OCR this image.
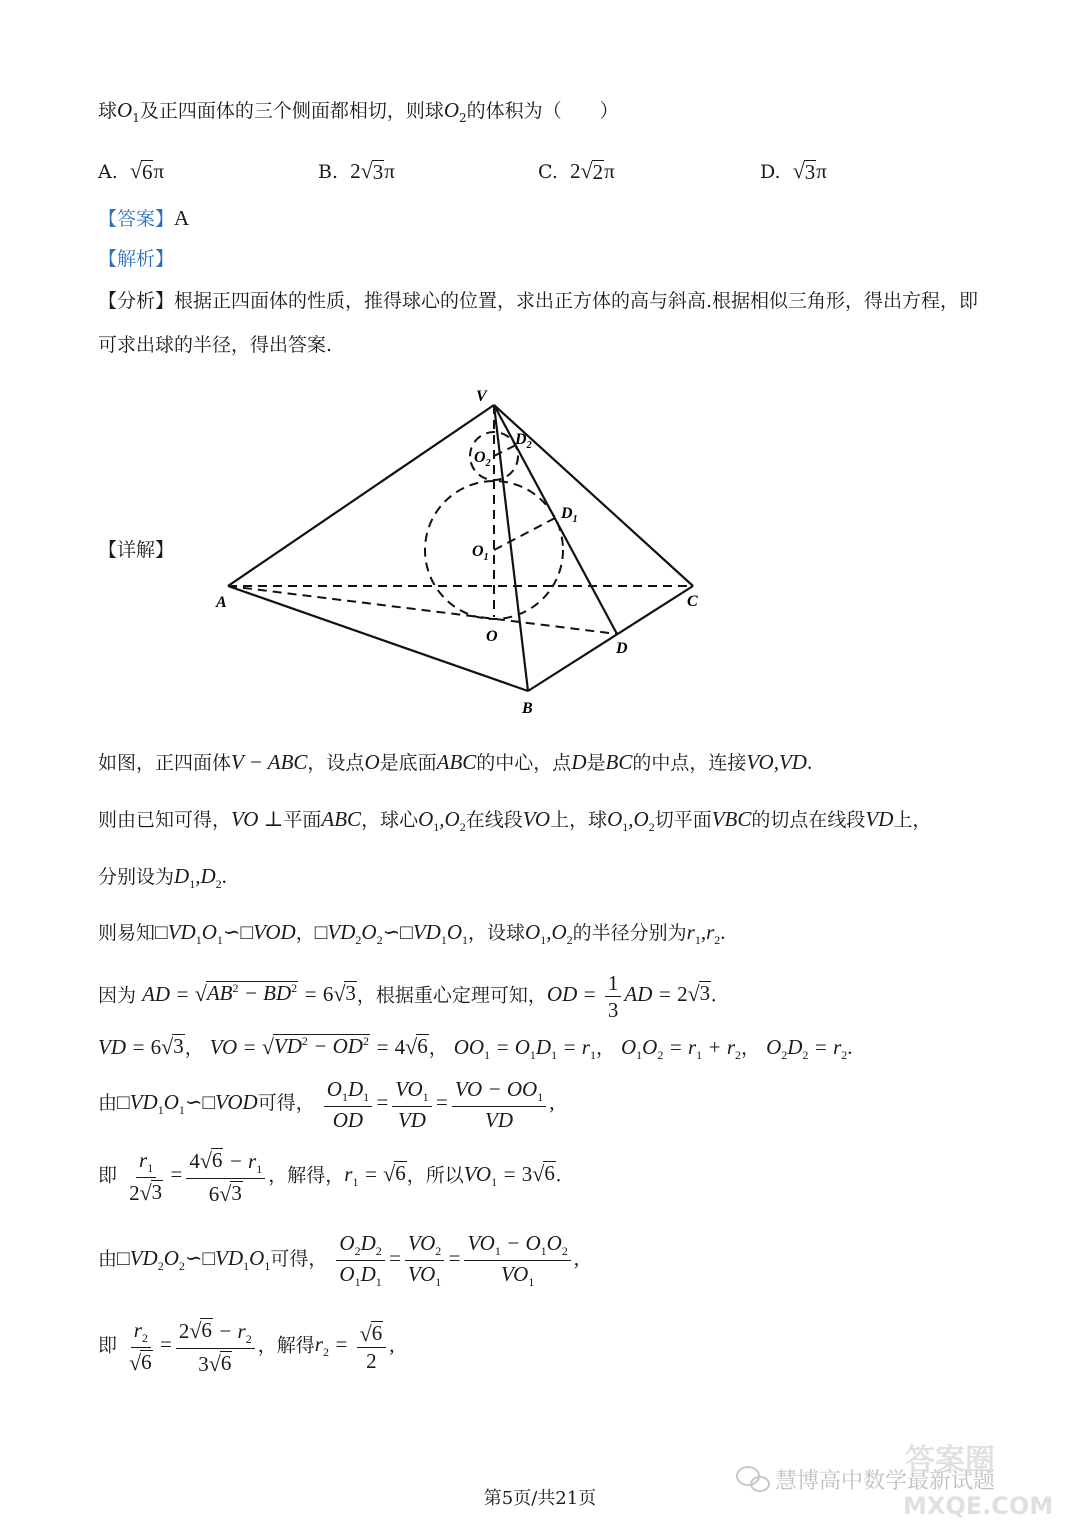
球$O_1$及正四面体的三个侧面都相切，则球$O_2$的体积为（　　）
A. √ 6 π	B. 2 √ 3 π	C. 2 √ 2 π	D. √ 3 π
【答案】A
【解析】
【分析】根据正四面体的性质，推得球心的位置，求出正方体的高与斜高.根据相似三角形，得出方程，即
可求出球的半径，得出答案.
【详解】
V
A
B
C
D
O
$O_1$
$D_1$
$O_2$
$D_2$
如图，正四面体V − ABC，设点O是底面ABC的中心，点D是BC的中点，连接VO,VD.
则由已知可得，VO ⊥平面ABC，球心$O_1,O_2$在线段VO上，球$O_1,O_2$切平面VBC的切点在线段VD上，
分别设为$D_1,D_2$.
则易知$□VD_1O_1∽□VOD$，$□VD_2O_2∽□VD_1O_1$，设球$O_1,O_2$的半径分别为$r_1,r_2$.
因为 AD = √ $AB^2 - BD^2 = 6$ √ 3 ，根据重心定理可知，OD = $\frac{1}{3}$ AD = 2 √ 3 .
VD = 6 √ 3 ， VO = √ $VD^2 - OD^2 = 4$ √ 6 ， $OO_1 = O_1D_1 = r_1$， $O_1O_2 = r_1 + r_2$， $O_2D_2 = r_2$.
由$□VD_1O_1∽□VOD$可得， $\frac{O_1D_1}{OD} = \frac{VO_1}{VD} = \frac{VO - OO_1}{VD}$ ,
即 $\frac{r_1}{2 √ 3} = \frac{4 √ 6 - r_1}{6 √ 3}$ ，解得，$r_1$ = √ 6 ，所以$VO_1 = 3$ √ 6 .
由$□VD_2O_2∽□VD_1O_1$可得， $\frac{O_2D_2}{O_1D_1} = \frac{VO_2}{VO_1} = \frac{VO_1 - O_1O_2}{VO_1}$ ,
即 $\frac{r_2}{√ 6} = \frac{2 √ 6 - r_2}{3 √ 6}$ ，解得$r_2 = \frac{√ 6}{2}$ ,
慧博高中数学最新试题
答案圈
MXQE.COM
第5页/共21页
